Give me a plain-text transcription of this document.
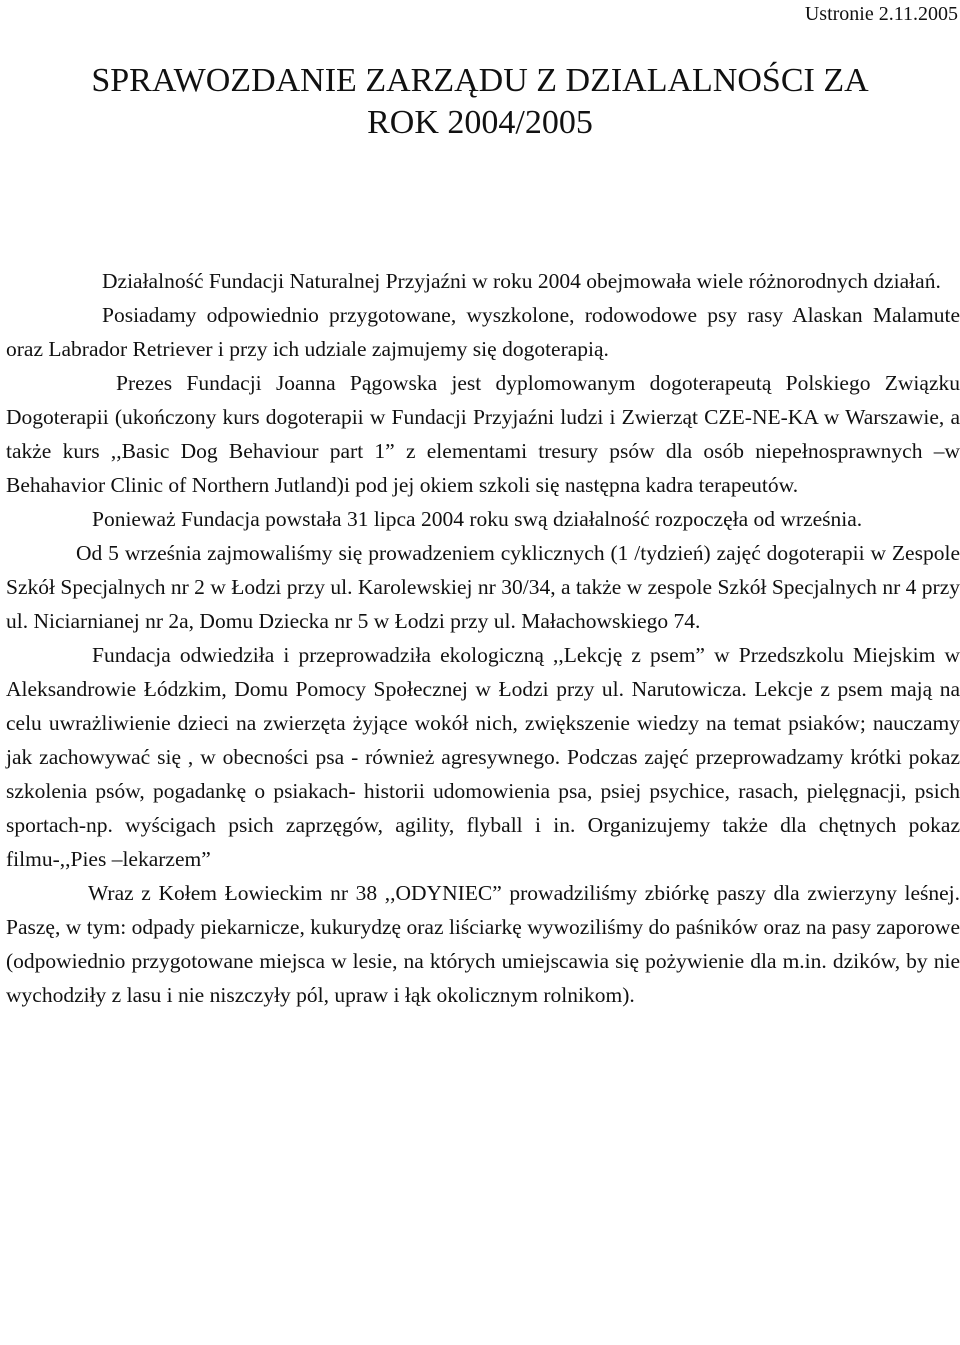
Ustronie 2.11.2005
SPRAWOZDANIE ZARZĄDU Z DZIALALNOŚCI ZA
ROK 2004/2005

Działalność Fundacji Naturalnej Przyjaźni w roku 2004 obejmowała wiele różnorodnych działań.

Posiadamy odpowiednio przygotowane, wyszkolone, rodowodowe psy rasy Alaskan Malamute oraz Labrador Retriever i przy ich udziale zajmujemy się dogoterapią.

Prezes Fundacji Joanna Pągowska jest dyplomowanym dogoterapeutą Polskiego Związku Dogoterapii (ukończony kurs dogoterapii w Fundacji Przyjaźni ludzi i Zwierząt CZE-NE-KA w Warszawie, a także kurs ,,Basic Dog Behaviour part 1” z elementami tresury psów dla osób niepełnosprawnych –w Behahavior Clinic of Northern Jutland)i pod jej okiem szkoli się następna kadra terapeutów.

Ponieważ Fundacja powstała 31 lipca 2004 roku swą działalność rozpoczęła od września.

Od 5 września zajmowaliśmy się prowadzeniem cyklicznych (1 /tydzień) zajęć dogoterapii w Zespole Szkół Specjalnych nr 2 w Łodzi przy ul. Karolewskiej nr 30/34, a także w zespole Szkół Specjalnych nr 4 przy ul. Niciarnianej nr 2a, Domu Dziecka nr 5 w Łodzi przy ul. Małachowskiego 74.

Fundacja odwiedziła i przeprowadziła ekologiczną ,,Lekcję z psem” w Przedszkolu Miejskim w Aleksandrowie Łódzkim, Domu Pomocy Społecznej w Łodzi przy ul. Narutowicza. Lekcje z psem mają na celu uwrażliwienie dzieci na zwierzęta żyjące wokół nich, zwiększenie wiedzy na temat psiaków; nauczamy jak zachowywać się , w obecności psa - również agresywnego. Podczas zajęć przeprowadzamy krótki pokaz szkolenia psów, pogadankę o psiakach- historii udomowienia psa, psiej psychice, rasach, pielęgnacji, psich sportach-np. wyścigach psich zaprzęgów, agility, flyball i in. Organizujemy także dla chętnych pokaz filmu-,,Pies –lekarzem”

Wraz z Kołem Łowieckim nr 38 ,,ODYNIEC” prowadziliśmy zbiórkę paszy dla zwierzyny leśnej. Paszę, w tym: odpady piekarnicze, kukurydzę oraz liściarkę wywoziliśmy do paśników oraz na pasy zaporowe (odpowiednio przygotowane miejsca w lesie, na których umiejscawia się pożywienie dla m.in. dzików, by nie wychodziły z lasu i nie niszczyły pól, upraw i łąk okolicznym rolnikom).
